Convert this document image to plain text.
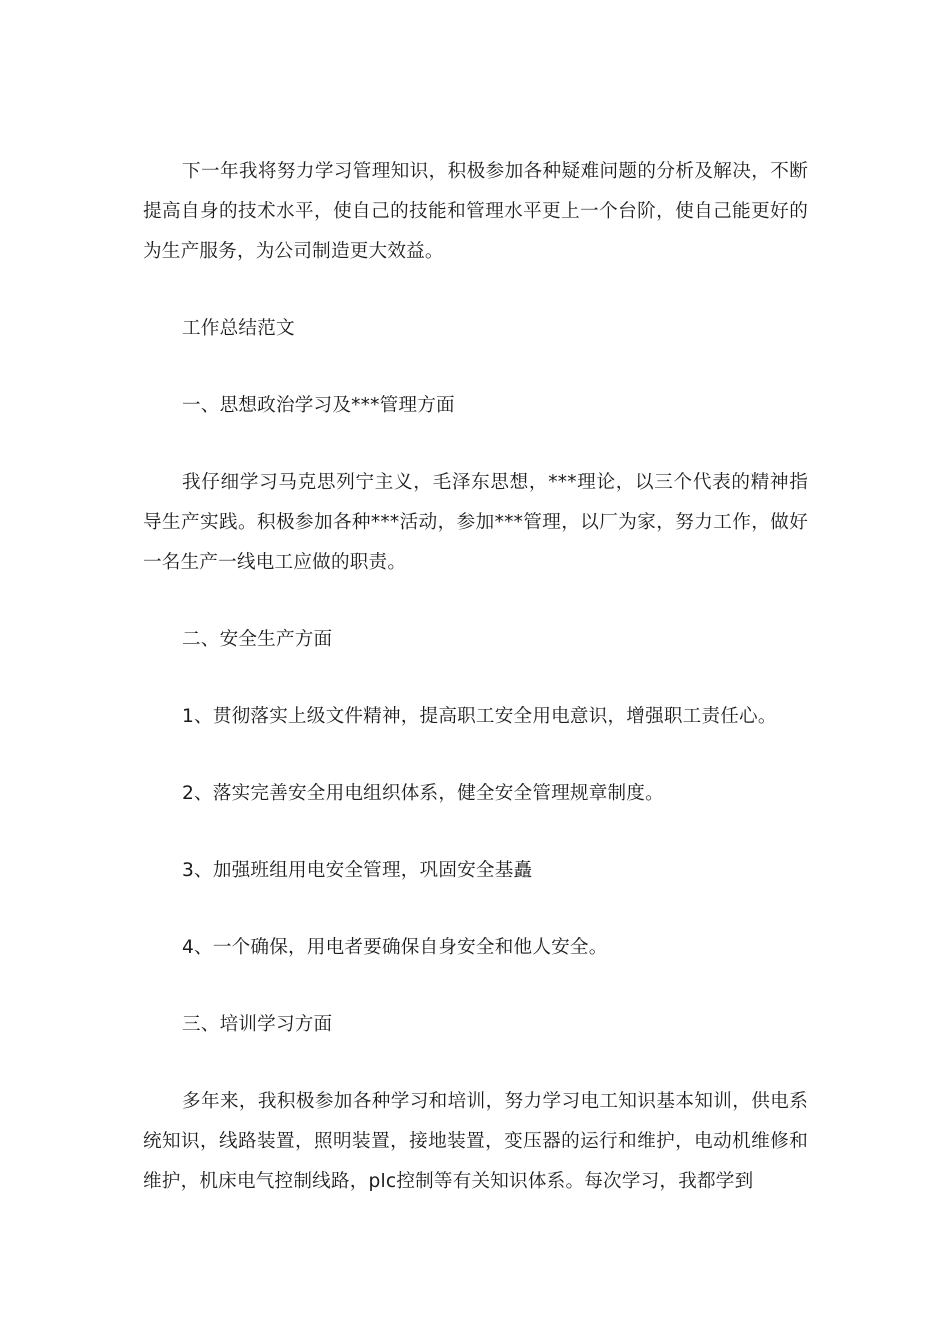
下一年我将努力学习管理知识，积极参加各种疑难问题的分析及解决，不断提高自身的技术水平，使自己的技能和管理水平更上一个台阶，使自己能更好的为生产服务，为公司制造更大效益。

工作总结范文

一、思想政治学习及***管理方面

我仔细学习马克思列宁主义，毛泽东思想，***理论，以三个代表的精神指导生产实践。积极参加各种***活动，参加***管理，以厂为家，努力工作，做好一名生产一线电工应做的职责。

二、安全生产方面

1、贯彻落实上级文件精神，提高职工安全用电意识，增强职工责任心。

2、落实完善安全用电组织体系，健全安全管理规章制度。

3、加强班组用电安全管理，巩固安全基矗

4、一个确保，用电者要确保自身安全和他人安全。

三、培训学习方面

多年来，我积极参加各种学习和培训，努力学习电工知识基本知训，供电系统知识，线路装置，照明装置，接地装置，变压器的运行和维护，电动机维修和维护，机床电气控制线路，plc控制等有关知识体系。每次学习，我都学到
